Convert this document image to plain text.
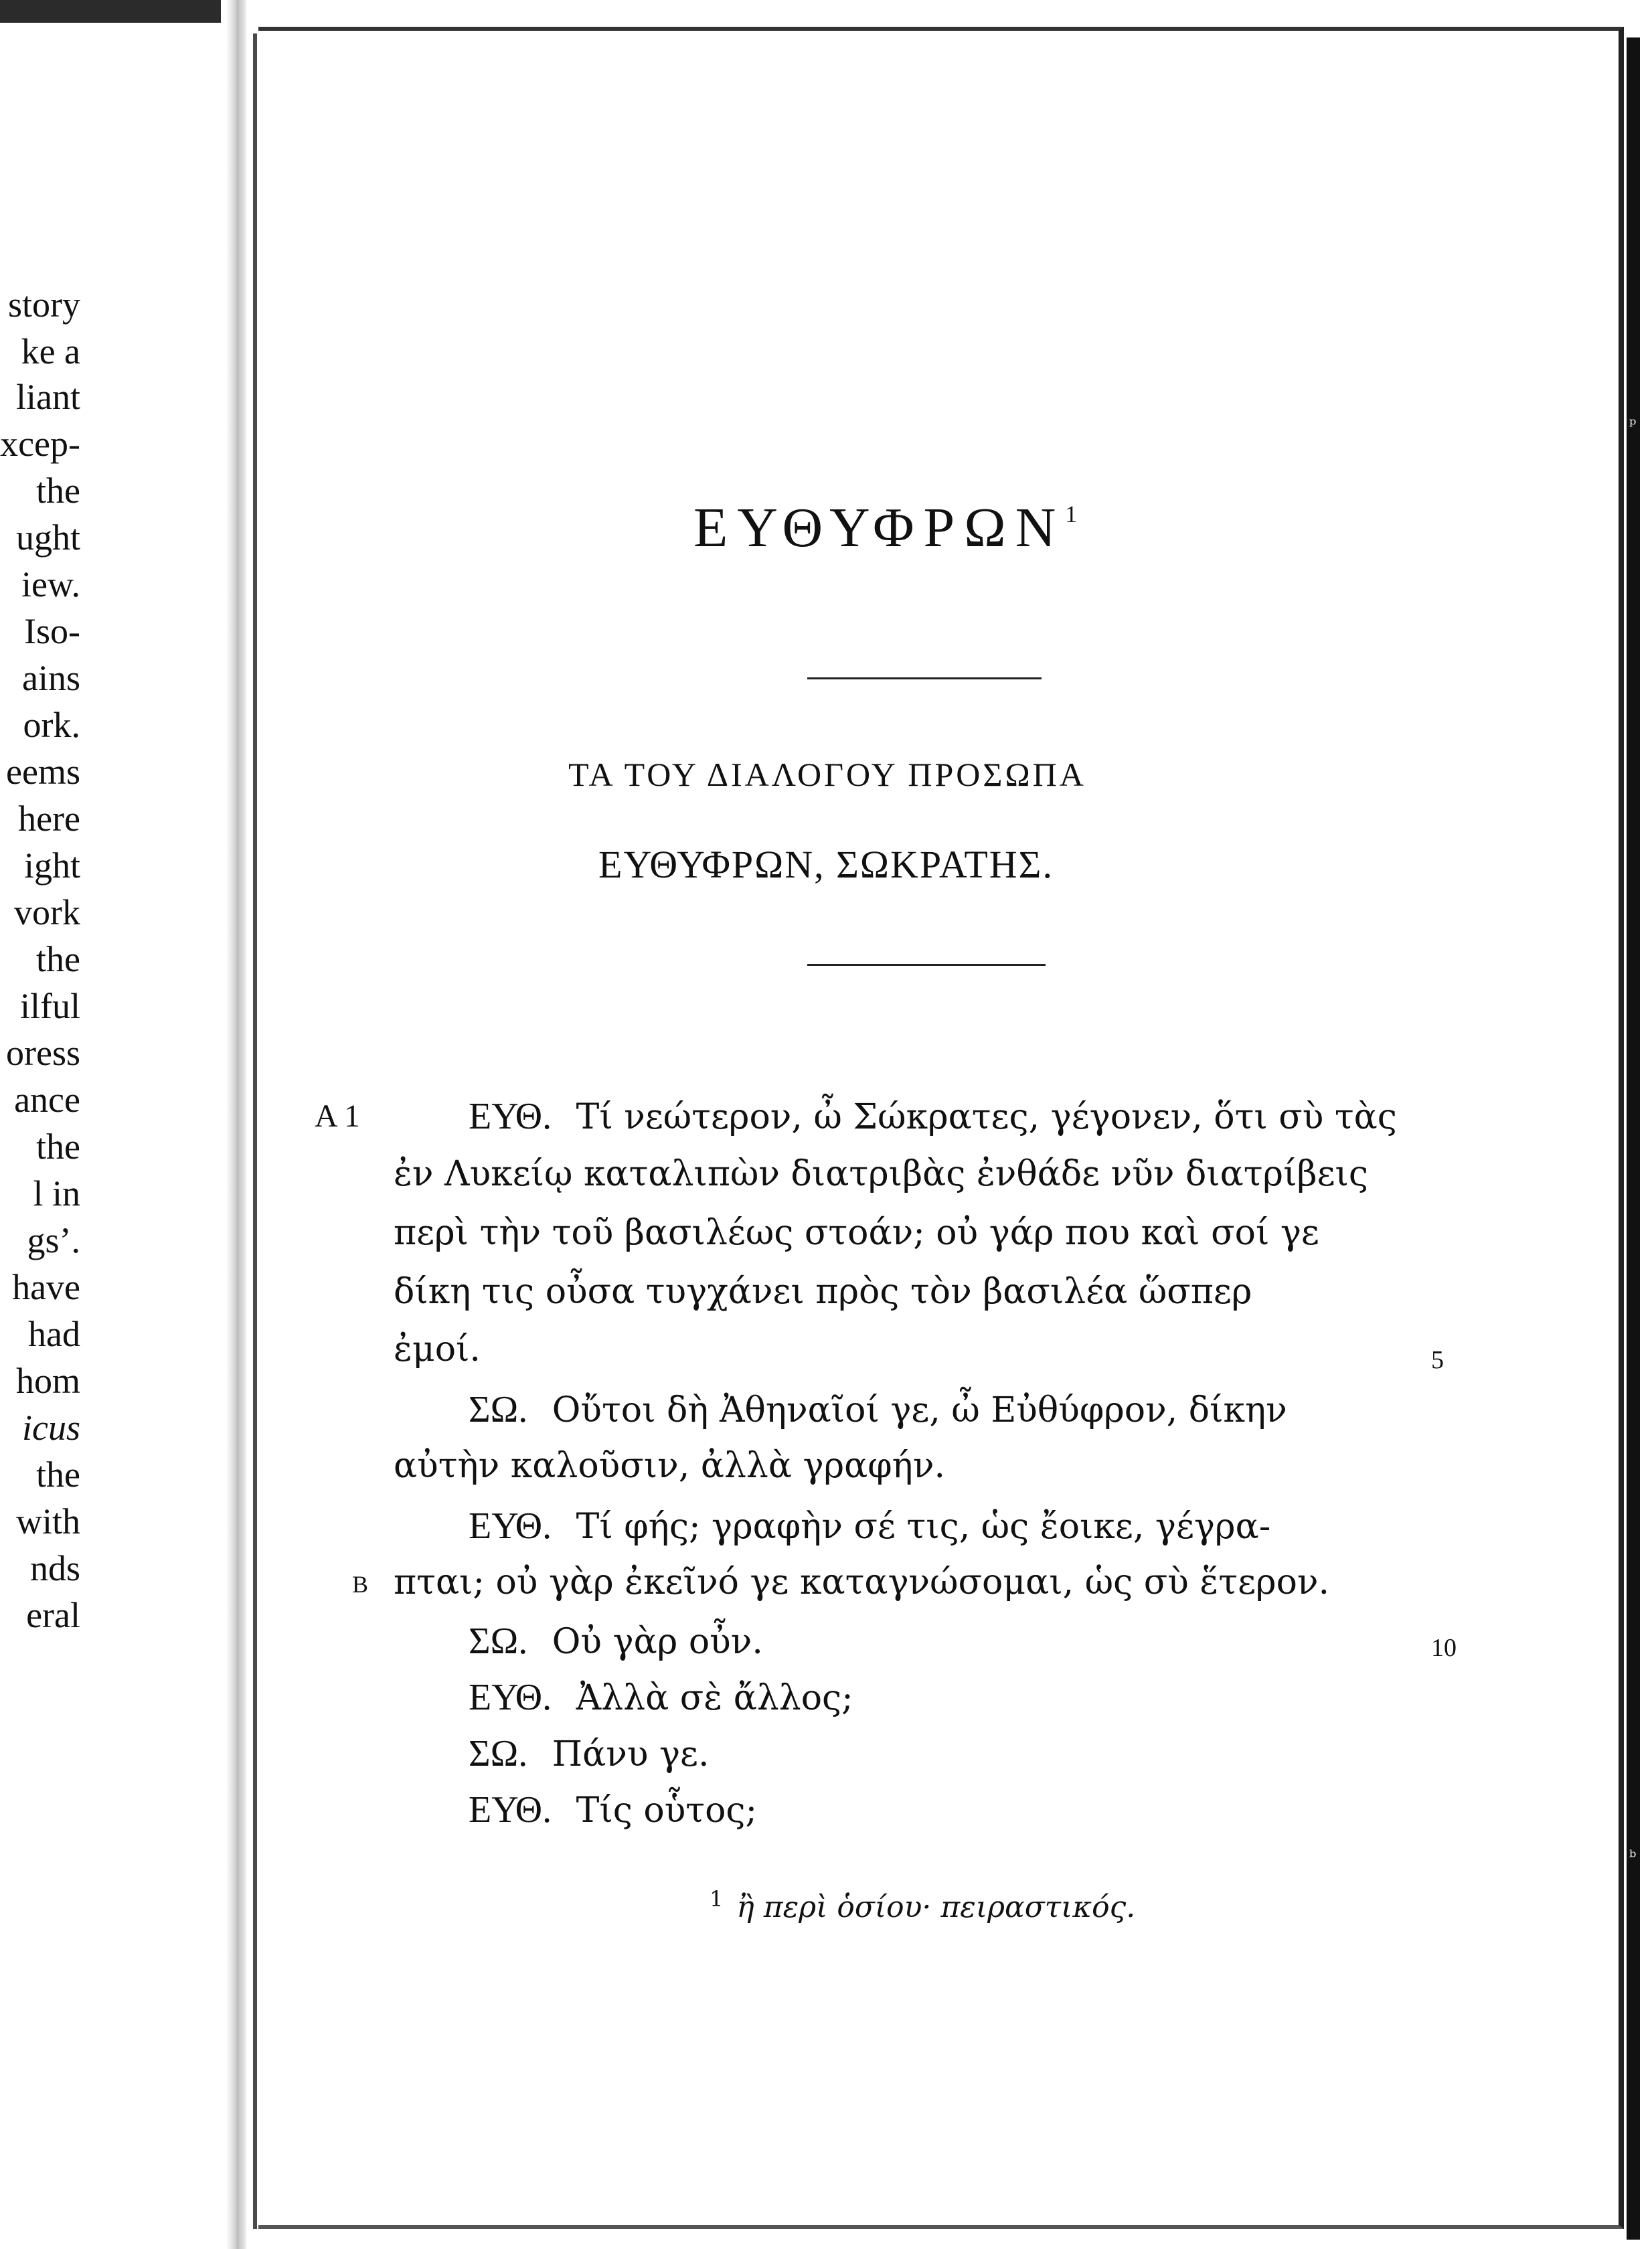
ᵖ
ᵇ
story
ke a
liant
xcep-
the
ught
iew.
Iso-
ains
ork.
eems
here
ight
vork
the
ilful
oress
ance
the
l in
gs’.
have
had
hom
icus
the
with
nds
eral
ΕΥΘΥΦΡΩΝ$^1$
ΤΑ ΤΟΥ ΔΙΑΛΟΓΟΥ ΠΡΟΣΩΠΑ
ΕΥΘΥΦΡΩΝ, ΣΩΚΡΑΤΗΣ.
A 1
B
5
10
ΕΥΘ. Τί νεώτερον, ὦ Σώκρατες, γέγονεν, ὅτι σὺ τὰς
ἐν Λυκείῳ καταλιπὼν διατριβὰς ἐνθάδε νῦν διατρίβεις
περὶ τὴν τοῦ βασιλέως στοάν; οὐ γάρ που καὶ σοί γε
δίκη τις οὖσα τυγχάνει πρὸς τὸν βασιλέα ὥσπερ
ἐμοί.
ΣΩ. Οὔτοι δὴ Ἀθηναῖοί γε, ὦ Εὐθύφρον, δίκην
αὐτὴν καλοῦσιν, ἀλλὰ γραφήν.
ΕΥΘ. Τί φής; γραφὴν σέ τις, ὡς ἔοικε, γέγρα-
πται; οὐ γὰρ ἐκεῖνό γε καταγνώσομαι, ὡς σὺ ἕτερον.
ΣΩ. Οὐ γὰρ οὖν.
ΕΥΘ. Ἀλλὰ σὲ ἄλλος;
ΣΩ. Πάνυ γε.
ΕΥΘ. Τίς οὗτος;
$^1$ ἢ περὶ ὁσίου· πειραστικός.
